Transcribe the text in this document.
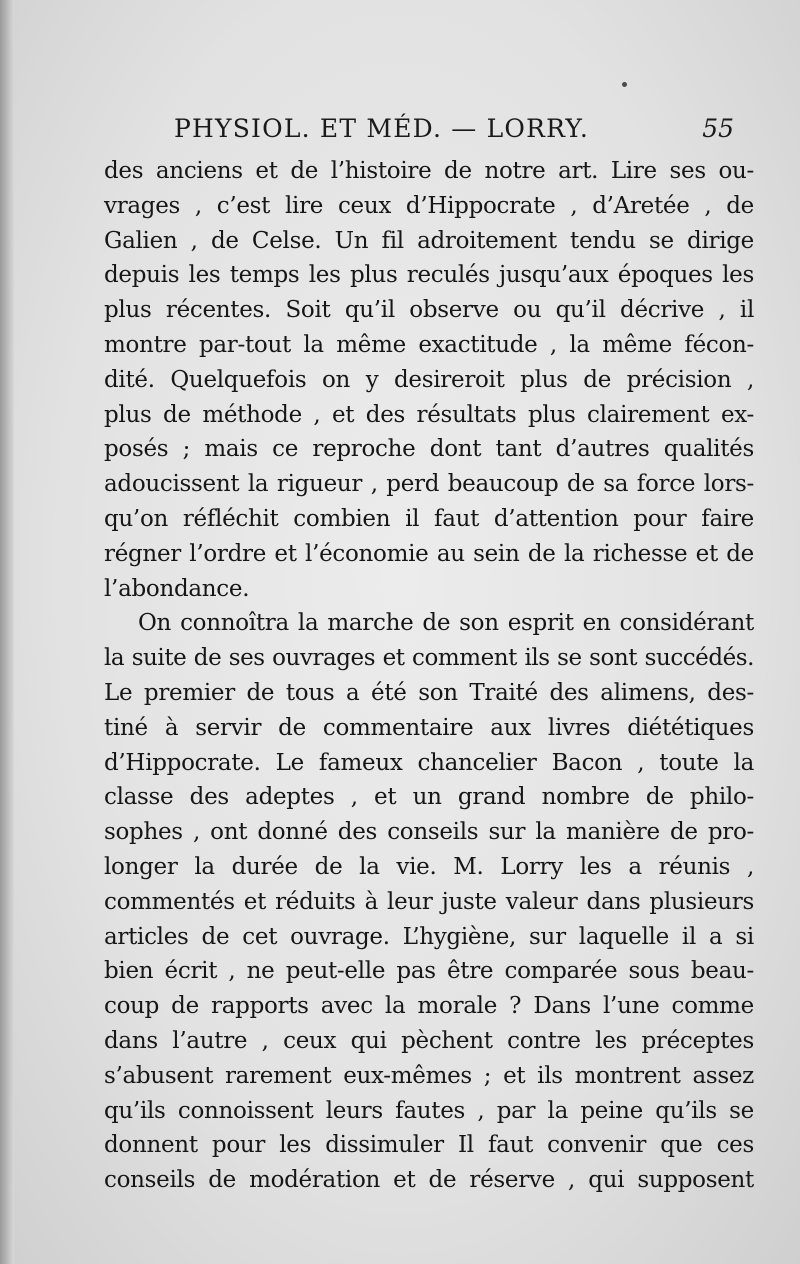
PHYSIOL. ET MÉD. — LORRY.	55
des anciens et de l’histoire de notre art. Lire ses ou-
vrages , c’est lire ceux d’Hippocrate , d’Aretée , de
Galien , de Celse. Un fil adroitement tendu se dirige
depuis les temps les plus reculés jusqu’aux époques les
plus récentes. Soit qu’il observe ou qu’il décrive , il
montre par-tout la même exactitude , la même fécon-
dité. Quelquefois on y desireroit plus de précision ,
plus de méthode , et des résultats plus clairement ex-
posés ; mais ce reproche dont tant d’autres qualités
adoucissent la rigueur , perd beaucoup de sa force lors-
qu’on réfléchit combien il faut d’attention pour faire
régner l’ordre et l’économie au sein de la richesse et de
l’abondance.
On connoîtra la marche de son esprit en considérant
la suite de ses ouvrages et comment ils se sont succédés.
Le premier de tous a été son Traité des alimens, des-
tiné à servir de commentaire aux livres diététiques
d’Hippocrate. Le fameux chancelier Bacon , toute la
classe des adeptes , et un grand nombre de philo-
sophes , ont donné des conseils sur la manière de pro-
longer la durée de la vie. M. Lorry les a réunis ,
commentés et réduits à leur juste valeur dans plusieurs
articles de cet ouvrage. L’hygiène, sur laquelle il a si
bien écrit , ne peut-elle pas être comparée sous beau-
coup de rapports avec la morale ? Dans l’une comme
dans l’autre , ceux qui pèchent contre les préceptes
s’abusent rarement eux-mêmes ; et ils montrent assez
qu’ils connoissent leurs fautes , par la peine qu’ils se
donnent pour les dissimuler Il faut convenir que ces
conseils de modération et de réserve , qui supposent
